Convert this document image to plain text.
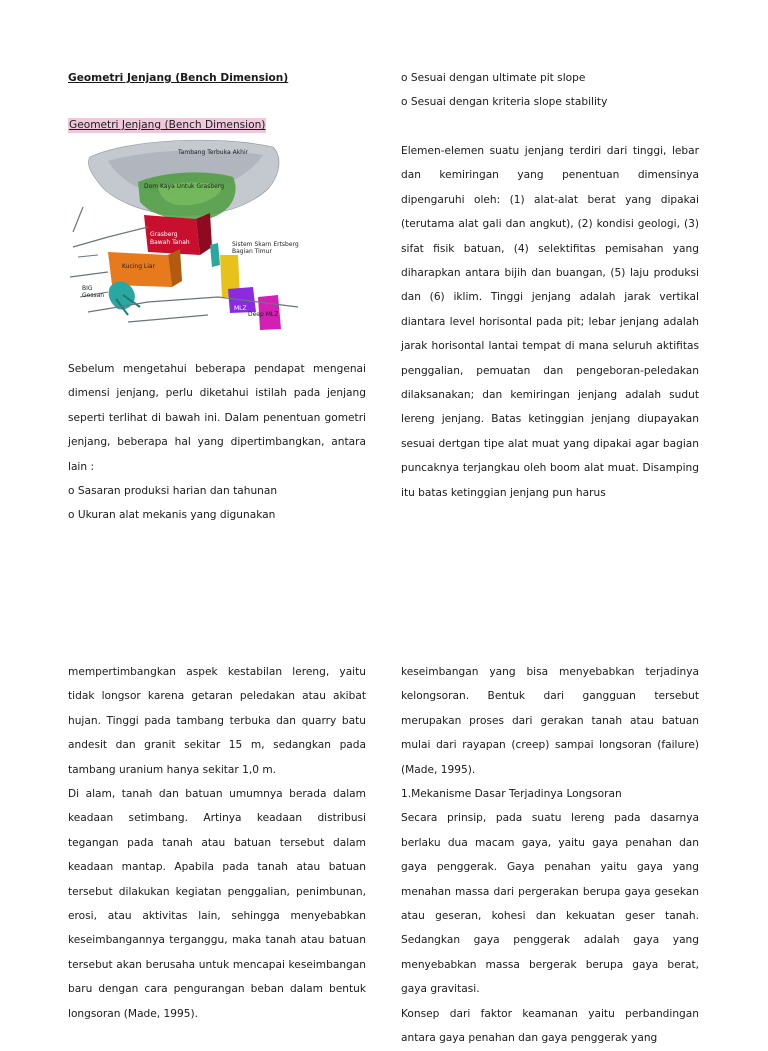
Geometri Jenjang (Bench Dimension)
Geometri Jenjang (Bench Dimension)
Tambang Terbuka Akhir
Dom Kaya Untuk Grasberg
Grasberg
Bawah Tanah	Sistem Skarn Ertsberg
Bagian Timur
Kucing Liar
DOZ
MLZ
Deep MLZ
BIG
Gossan

Sebelum mengetahui beberapa pendapat mengenai dimensi jenjang, perlu diketahui istilah pada jenjang seperti terlihat di bawah ini. Dalam penentuan gometri jenjang, beberapa hal yang dipertimbangkan, antara lain :

o Sasaran produksi harian dan tahunan

o Ukuran alat mekanis yang digunakan

o Sesuai dengan ultimate pit slope

o Sesuai dengan kriteria slope stability

Elemen-elemen suatu jenjang terdiri dari tinggi, lebar dan kemiringan yang penentuan dimensinya dipengaruhi oleh: (1) alat-alat berat yang dipakai (terutama alat gali dan angkut), (2) kondisi geologi, (3) sifat fisik batuan, (4) selektifitas pemisahan yang diharapkan antara bijih dan buangan, (5) laju produksi dan (6) iklim. Tinggi jenjang adalah jarak vertikal diantara level horisontal pada pit; lebar jenjang adalah jarak horisontal lantai tempat di mana seluruh aktifitas penggalian, pemuatan dan pengeboran-peledakan dilaksanakan; dan kemiringan jenjang adalah sudut lereng jenjang. Batas ketinggian jenjang diupayakan sesuai dertgan tipe alat muat yang dipakai agar bagian puncaknya terjangkau oleh boom alat muat. Disamping itu batas ketinggian jenjang pun harus

mempertimbangkan aspek kestabilan lereng, yaitu tidak longsor karena getaran peledakan atau akibat hujan. Tinggi pada tambang terbuka dan quarry batu andesit dan granit sekitar 15 m, sedangkan pada tambang uranium hanya sekitar 1,0 m.

Di alam, tanah dan batuan umumnya berada dalam keadaan setimbang. Artinya keadaan distribusi tegangan pada tanah atau batuan tersebut dalam keadaan mantap. Apabila pada tanah atau batuan tersebut dilakukan kegiatan penggalian, penimbunan, erosi, atau aktivitas lain, sehingga menyebabkan keseimbangannya terganggu, maka tanah atau batuan tersebut akan berusaha untuk mencapai keseimbangan baru dengan cara pengurangan beban dalam bentuk longsoran (Made, 1995).

keseimbangan yang bisa menyebabkan terjadinya kelongsoran. Bentuk dari gangguan tersebut merupakan proses dari gerakan tanah atau batuan mulai dari rayapan (creep) sampai longsoran (failure) (Made, 1995).

1.Mekanisme Dasar Terjadinya Longsoran

Secara prinsip, pada suatu lereng pada dasarnya berlaku dua macam gaya, yaitu gaya penahan dan gaya penggerak. Gaya penahan yaitu gaya yang menahan massa dari pergerakan berupa gaya gesekan atau geseran, kohesi dan kekuatan geser tanah. Sedangkan gaya penggerak adalah gaya yang menyebabkan massa bergerak berupa gaya berat, gaya gravitasi.

Konsep dari faktor keamanan yaitu perbandingan antara gaya penahan dan gaya penggerak yang
